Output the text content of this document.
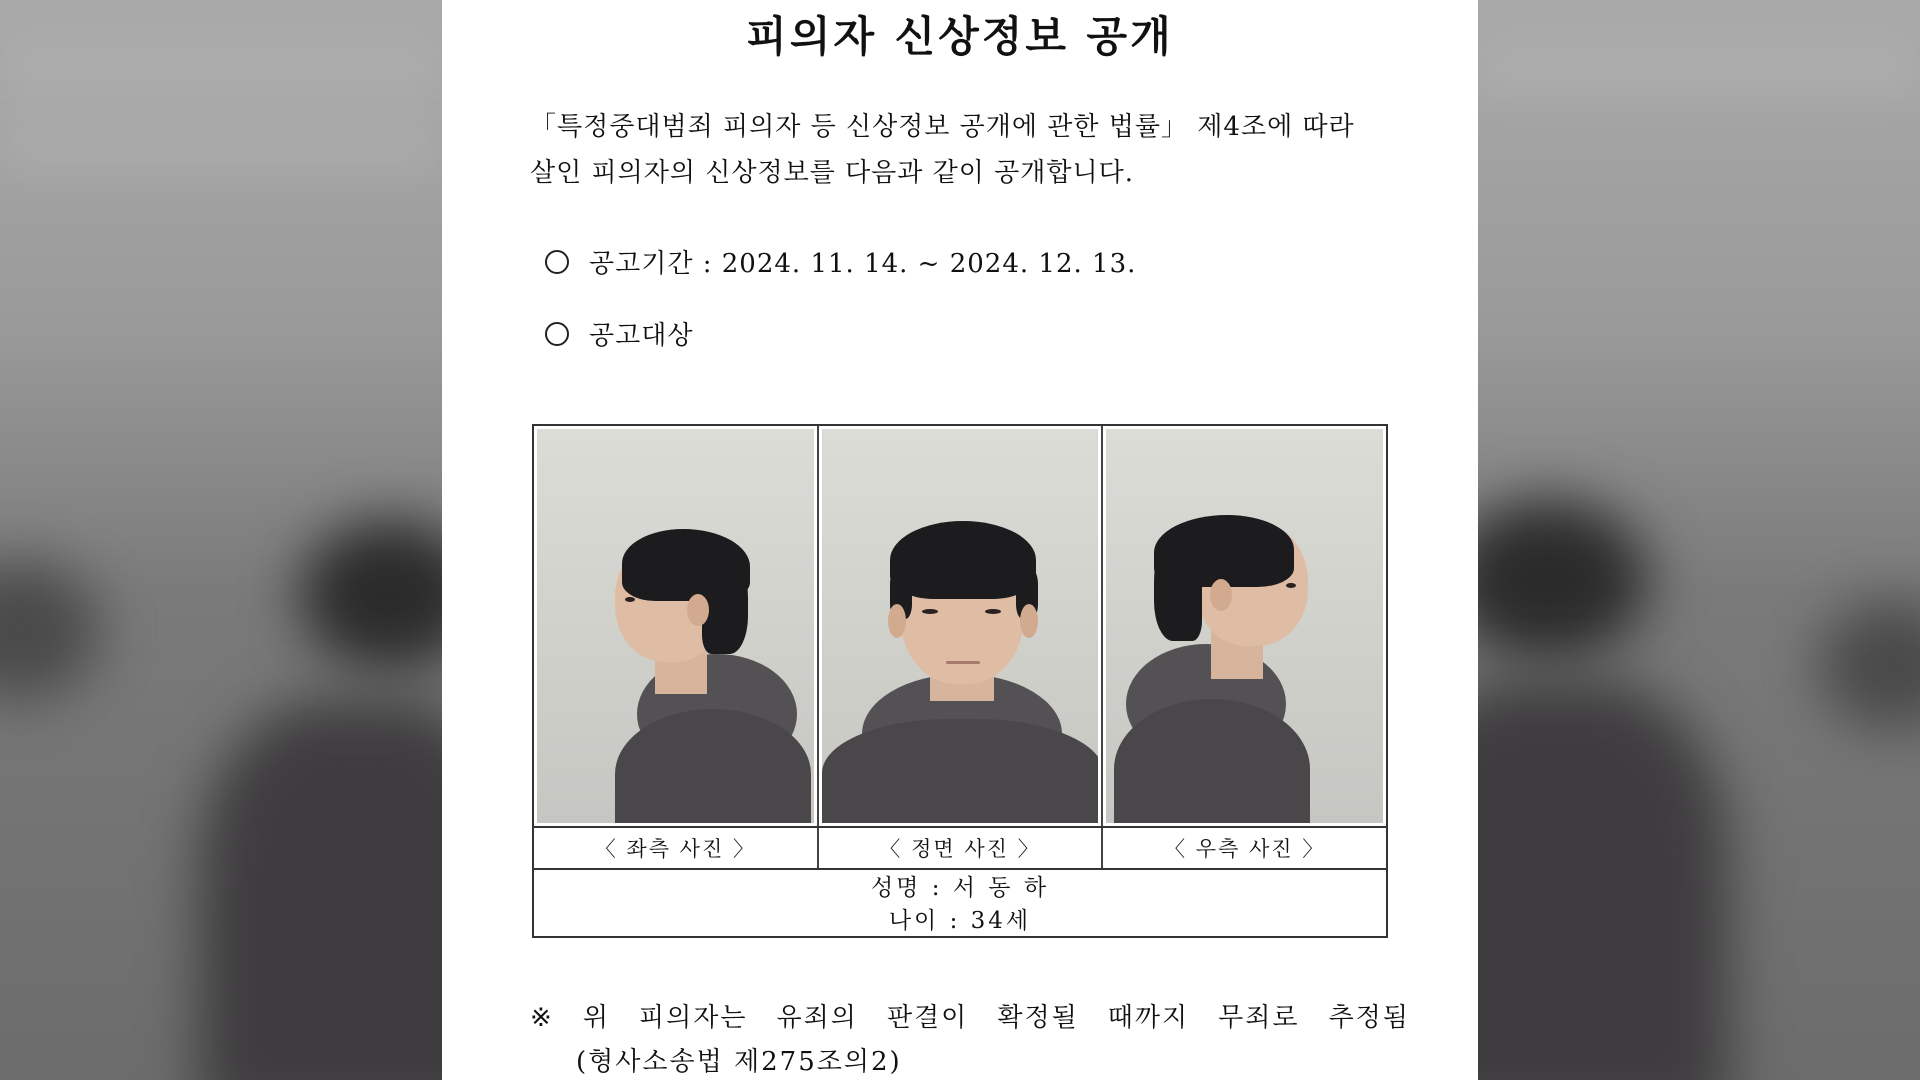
피의자 신상정보 공개
「특정중대범죄 피의자 등 신상정보 공개에 관한 법률」 제4조에 따라
살인 피의자의 신상정보를 다음과 같이 공개합니다.
공고기간 : 2024. 11. 14. ~ 2024. 12. 13.
공고대상
〈 좌측 사진 〉	〈 정면 사진 〉	〈 우측 사진 〉
성명 : 서 동 하
나이 : 34세
※ 위 피의자는 유죄의 판결이 확정될 때까지 무죄로 추정됨
(형사소송법 제275조의2)
